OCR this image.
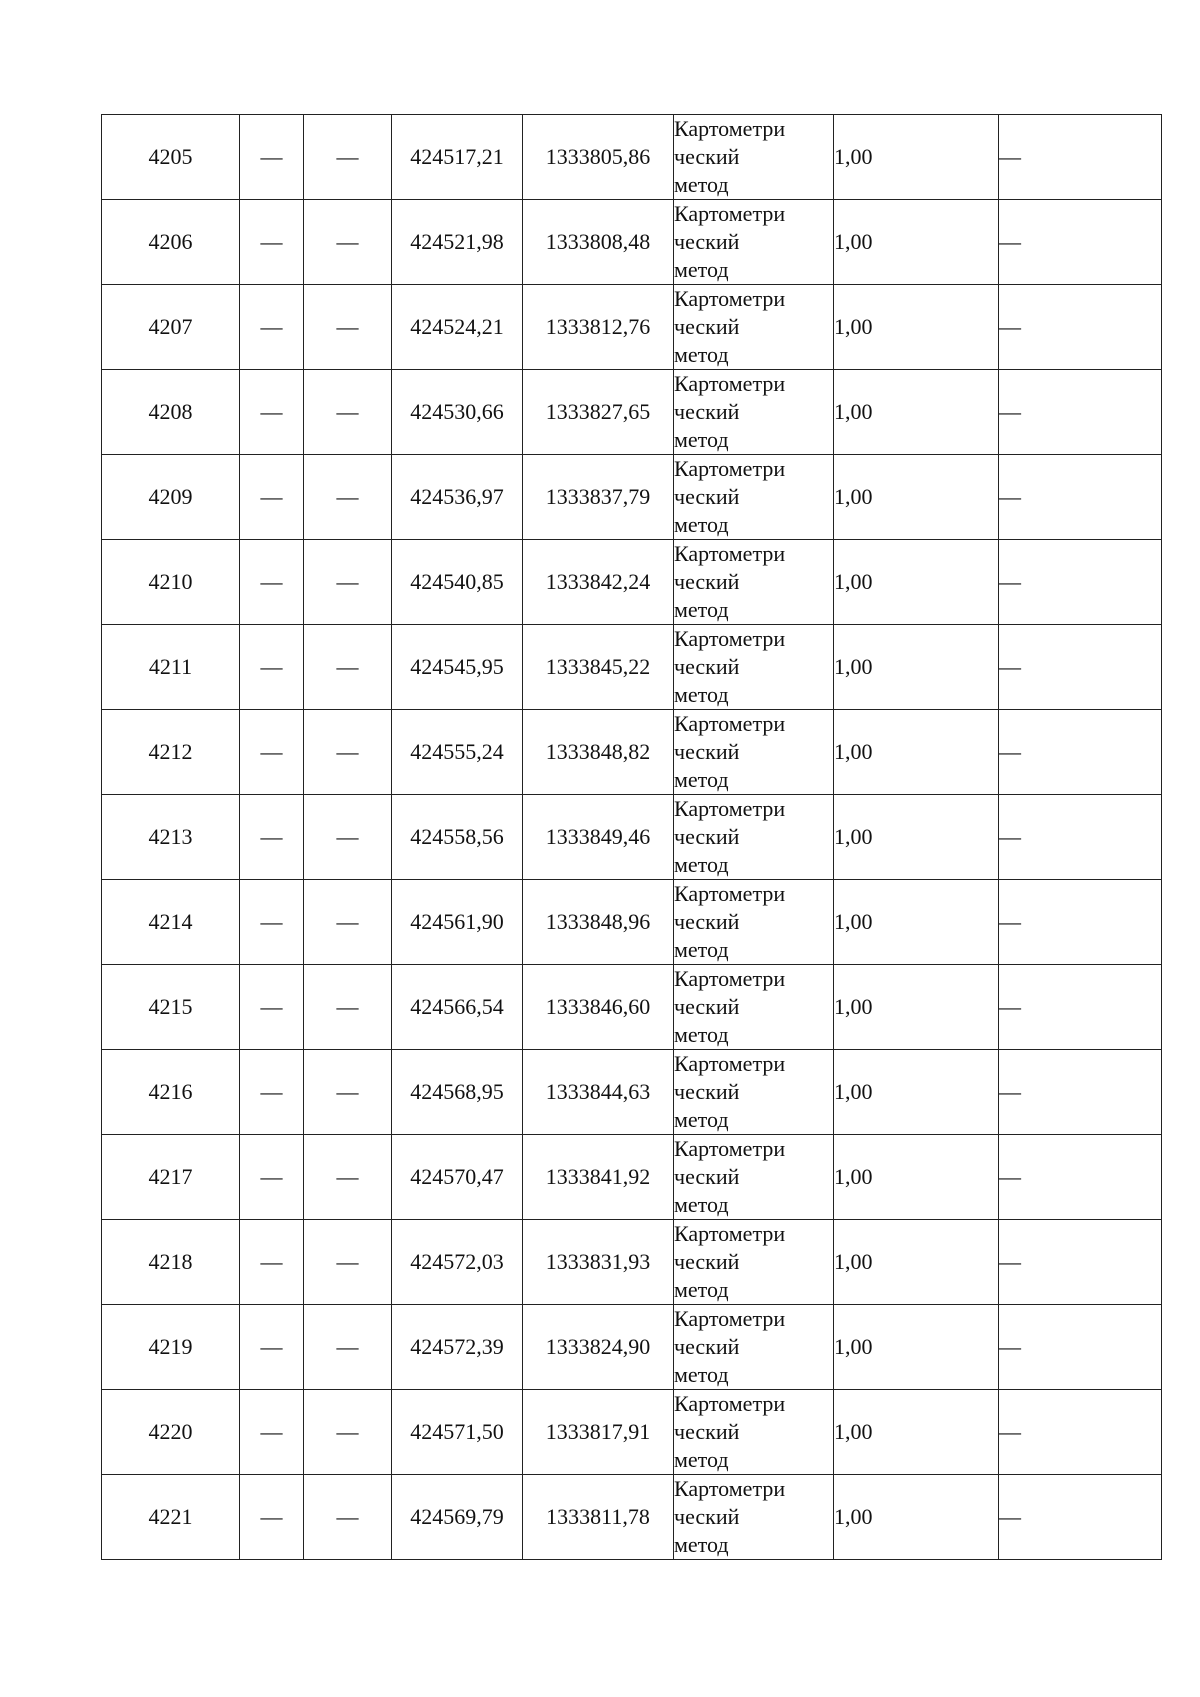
4205	—	—	424517,21	1333805,86	Картометри
ческий
метод	1,00	—
4206	—	—	424521,98	1333808,48	Картометри
ческий
метод	1,00	—
4207	—	—	424524,21	1333812,76	Картометри
ческий
метод	1,00	—
4208	—	—	424530,66	1333827,65	Картометри
ческий
метод	1,00	—
4209	—	—	424536,97	1333837,79	Картометри
ческий
метод	1,00	—
4210	—	—	424540,85	1333842,24	Картометри
ческий
метод	1,00	—
4211	—	—	424545,95	1333845,22	Картометри
ческий
метод	1,00	—
4212	—	—	424555,24	1333848,82	Картометри
ческий
метод	1,00	—
4213	—	—	424558,56	1333849,46	Картометри
ческий
метод	1,00	—
4214	—	—	424561,90	1333848,96	Картометри
ческий
метод	1,00	—
4215	—	—	424566,54	1333846,60	Картометри
ческий
метод	1,00	—
4216	—	—	424568,95	1333844,63	Картометри
ческий
метод	1,00	—
4217	—	—	424570,47	1333841,92	Картометри
ческий
метод	1,00	—
4218	—	—	424572,03	1333831,93	Картометри
ческий
метод	1,00	—
4219	—	—	424572,39	1333824,90	Картометри
ческий
метод	1,00	—
4220	—	—	424571,50	1333817,91	Картометри
ческий
метод	1,00	—
4221	—	—	424569,79	1333811,78	Картометри
ческий
метод	1,00	—
